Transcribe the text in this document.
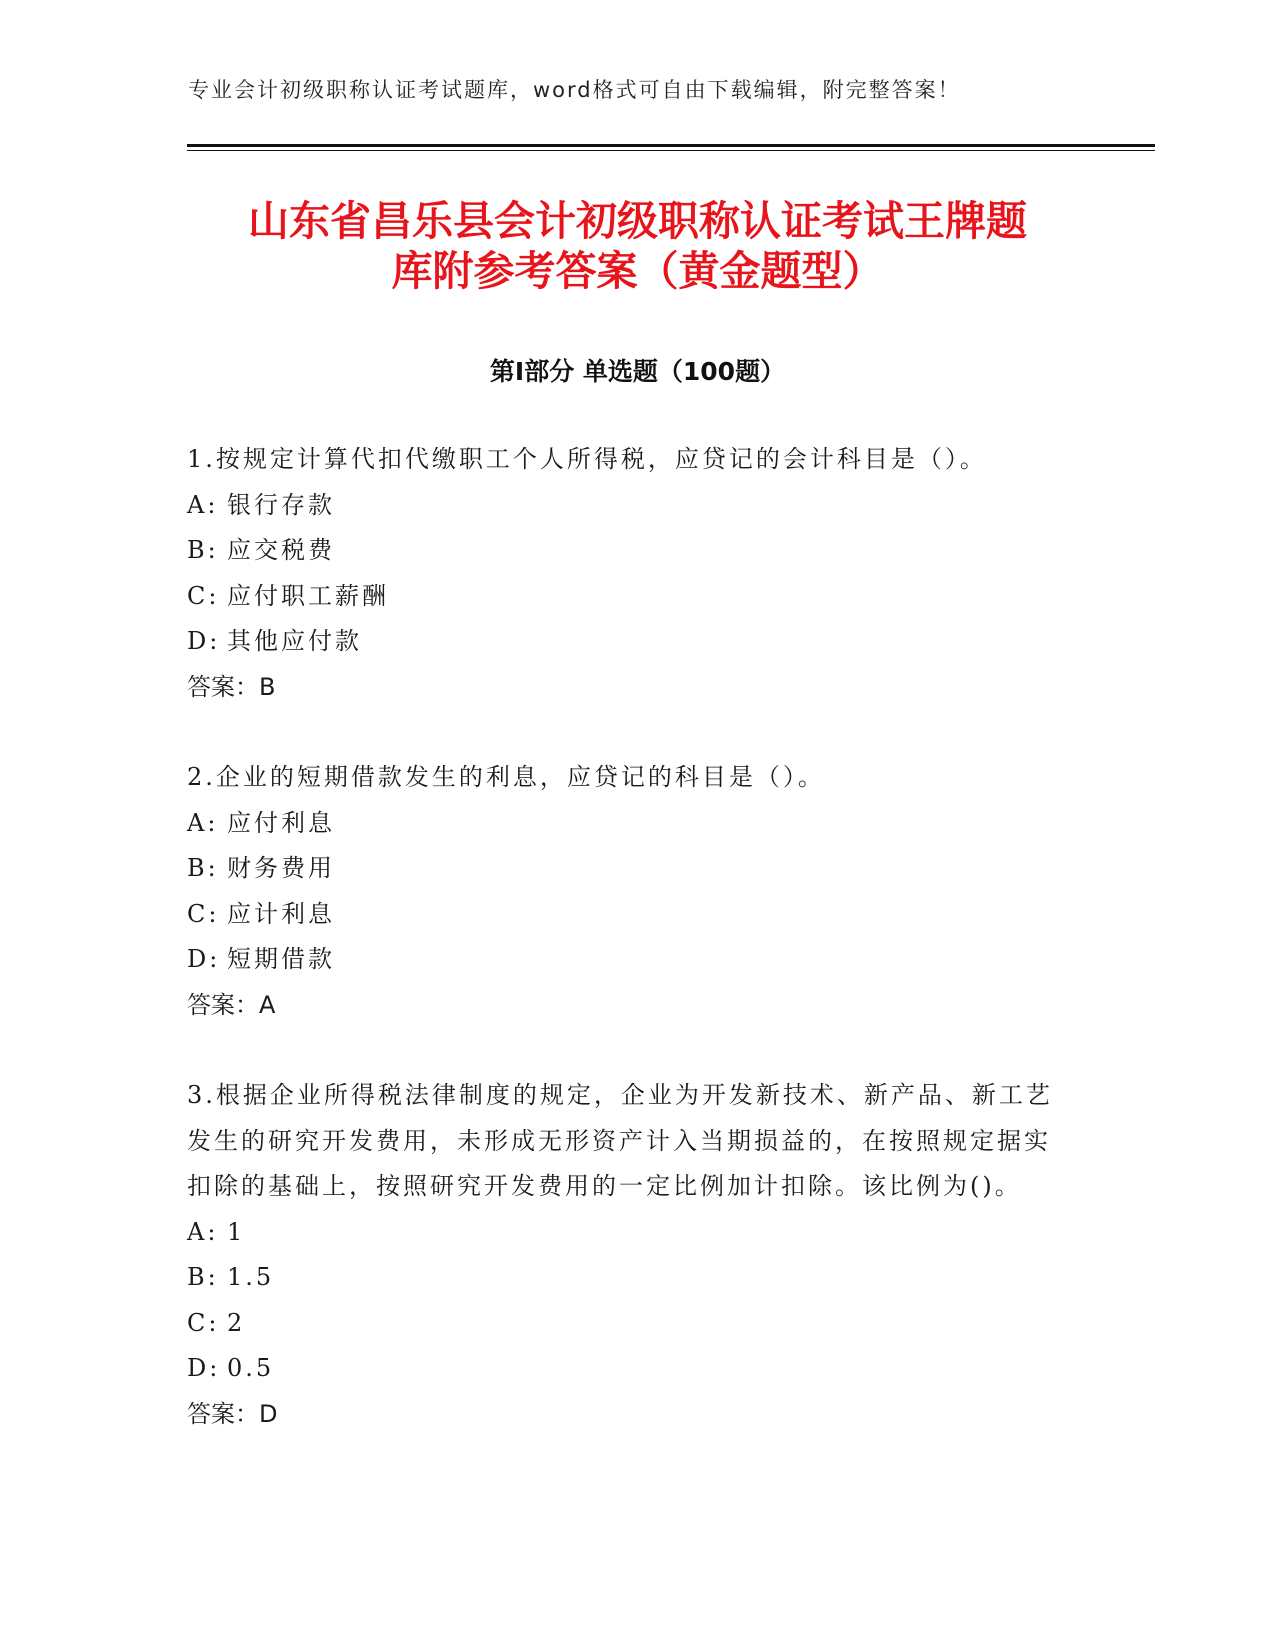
专业会计初级职称认证考试题库，word格式可自由下载编辑，附完整答案！
山东省昌乐县会计初级职称认证考试王牌题
库附参考答案（黄金题型）
第Ⅰ部分 单选题（100题）

1.按规定计算代扣代缴职工个人所得税，应贷记的会计科目是（）。

A: 银行存款

B: 应交税费

C: 应付职工薪酬

D: 其他应付款

答案：B

2.企业的短期借款发生的利息，应贷记的科目是（）。

A: 应付利息

B: 财务费用

C: 应计利息

D: 短期借款

答案：A

3.根据企业所得税法律制度的规定，企业为开发新技术、新产品、新工艺发生的研究开发费用，未形成无形资产计入当期损益的，在按照规定据实扣除的基础上，按照研究开发费用的一定比例加计扣除。该比例为()。

A: 1

B: 1.5

C: 2

D: 0.5

答案：D
